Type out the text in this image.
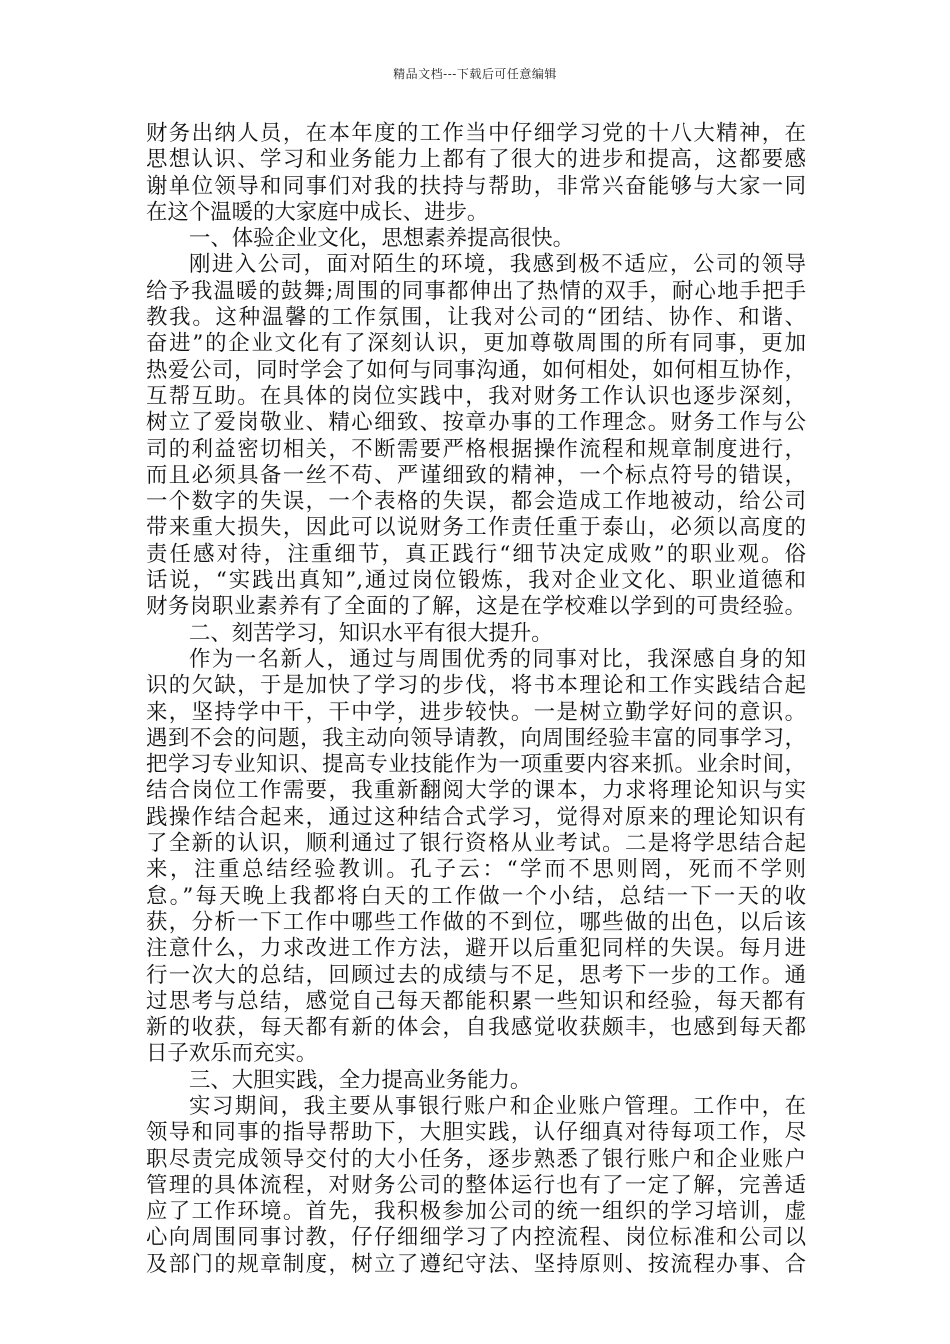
精品文档---下载后可任意编辑

财务出纳人员，在本年度的工作当中仔细学习党的十八大精神，在

思想认识、学习和业务能力上都有了很大的进步和提高，这都要感

谢单位领导和同事们对我的扶持与帮助，非常兴奋能够与大家一同

在这个温暖的大家庭中成长、进步。

一、体验企业文化，思想素养提高很快。

刚进入公司，面对陌生的环境，我感到极不适应，公司的领导

给予我温暖的鼓舞;周围的同事都伸出了热情的双手，耐心地手把手

教我。这种温馨的工作氛围，让我对公司的“团结、协作、和谐、

奋进”的企业文化有了深刻认识，更加尊敬周围的所有同事，更加

热爱公司，同时学会了如何与同事沟通，如何相处，如何相互协作，

互帮互助。在具体的岗位实践中，我对财务工作认识也逐步深刻，

树立了爱岗敬业、精心细致、按章办事的工作理念。财务工作与公

司的利益密切相关，不断需要严格根据操作流程和规章制度进行，

而且必须具备一丝不苟、严谨细致的精神，一个标点符号的错误，

一个数字的失误，一个表格的失误，都会造成工作地被动，给公司

带来重大损失，因此可以说财务工作责任重于泰山，必须以高度的

责任感对待，注重细节，真正践行“细节决定成败”的职业观。俗

话说，“实践出真知”,通过岗位锻炼，我对企业文化、职业道德和

财务岗职业素养有了全面的了解，这是在学校难以学到的可贵经验。

二、刻苦学习，知识水平有很大提升。

作为一名新人，通过与周围优秀的同事对比，我深感自身的知

识的欠缺，于是加快了学习的步伐，将书本理论和工作实践结合起

来，坚持学中干，干中学，进步较快。一是树立勤学好问的意识。

遇到不会的问题，我主动向领导请教，向周围经验丰富的同事学习，

把学习专业知识、提高专业技能作为一项重要内容来抓。业余时间，

结合岗位工作需要，我重新翻阅大学的课本，力求将理论知识与实

践操作结合起来，通过这种结合式学习，觉得对原来的理论知识有

了全新的认识，顺利通过了银行资格从业考试。二是将学思结合起

来，注重总结经验教训。孔子云：“学而不思则罔，死而不学则

怠。”每天晚上我都将白天的工作做一个小结，总结一下一天的收

获，分析一下工作中哪些工作做的不到位，哪些做的出色，以后该

注意什么，力求改进工作方法，避开以后重犯同样的失误。每月进

行一次大的总结，回顾过去的成绩与不足，思考下一步的工作。通

过思考与总结，感觉自己每天都能积累一些知识和经验，每天都有

新的收获，每天都有新的体会，自我感觉收获颇丰，也感到每天都

日子欢乐而充实。

三、大胆实践，全力提高业务能力。

实习期间，我主要从事银行账户和企业账户管理。工作中，在

领导和同事的指导帮助下，大胆实践，认仔细真对待每项工作，尽

职尽责完成领导交付的大小任务，逐步熟悉了银行账户和企业账户

管理的具体流程，对财务公司的整体运行也有了一定了解，完善适

应了工作环境。首先，我积极参加公司的统一组织的学习培训，虚

心向周围同事讨教，仔仔细细学习了内控流程、岗位标准和公司以

及部门的规章制度，树立了遵纪守法、坚持原则、按流程办事、合
